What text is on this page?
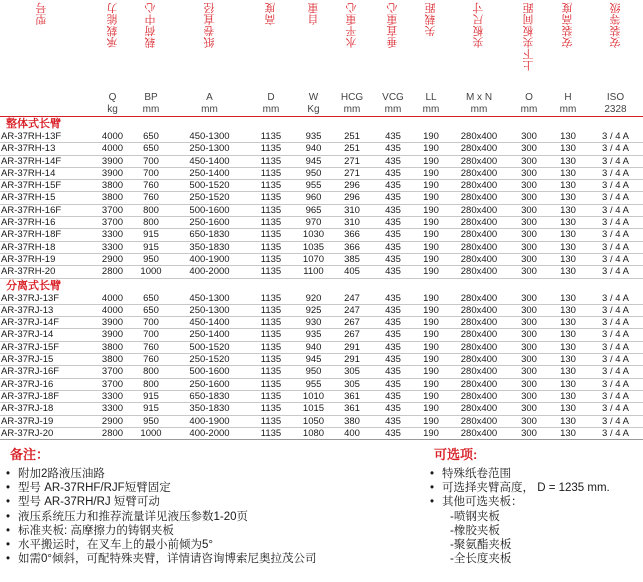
型号	承载能力	载荷中心	纸卷直径	高度	自重	水平重心	垂直重心	失载距	夹板尺寸	上下夹板间距	安装高度	安装等级

	Q	BP	A	D	W	HCG	VCG	LL	M x N	O	H	ISO
	kg	mm	mm	mm	Kg	mm	mm	mm	mm	mm	mm	2328
整体式长臂												
AR-37RH-13F	4000	650	450-1300	1135	935	251	435	190	280x400	300	130	3 / 4 A
AR-37RH-13	4000	650	250-1300	1135	940	251	435	190	280x400	300	130	3 / 4 A
AR-37RH-14F	3900	700	450-1400	1135	945	271	435	190	280x400	300	130	3 / 4 A
AR-37RH-14	3900	700	250-1400	1135	950	271	435	190	280x400	300	130	3 / 4 A
AR-37RH-15F	3800	760	500-1520	1135	955	296	435	190	280x400	300	130	3 / 4 A
AR-37RH-15	3800	760	250-1520	1135	960	296	435	190	280x400	300	130	3 / 4 A
AR-37RH-16F	3700	800	500-1600	1135	965	310	435	190	280x400	300	130	3 / 4 A
AR-37RH-16	3700	800	250-1600	1135	970	310	435	190	280x400	300	130	3 / 4 A
AR-37RH-18F	3300	915	650-1830	1135	1030	366	435	190	280x400	300	130	3 / 4 A
AR-37RH-18	3300	915	350-1830	1135	1035	366	435	190	280x400	300	130	3 / 4 A
AR-37RH-19	2900	950	400-1900	1135	1070	385	435	190	280x400	300	130	3 / 4 A
AR-37RH-20	2800	1000	400-2000	1135	1100	405	435	190	280x400	300	130	3 / 4 A
分离式长臂												
AR-37RJ-13F	4000	650	450-1300	1135	920	247	435	190	280x400	300	130	3 / 4 A
AR-37RJ-13	4000	650	250-1300	1135	925	247	435	190	280x400	300	130	3 / 4 A
AR-37RJ-14F	3900	700	450-1400	1135	930	267	435	190	280x400	300	130	3 / 4 A
AR-37RJ-14	3900	700	250-1400	1135	935	267	435	190	280x400	300	130	3 / 4 A
AR-37RJ-15F	3800	760	500-1520	1135	940	291	435	190	280x400	300	130	3 / 4 A
AR-37RJ-15	3800	760	250-1520	1135	945	291	435	190	280x400	300	130	3 / 4 A
AR-37RJ-16F	3700	800	500-1600	1135	950	305	435	190	280x400	300	130	3 / 4 A
AR-37RJ-16	3700	800	250-1600	1135	955	305	435	190	280x400	300	130	3 / 4 A
AR-37RJ-18F	3300	915	650-1830	1135	1010	361	435	190	280x400	300	130	3 / 4 A
AR-37RJ-18	3300	915	350-1830	1135	1015	361	435	190	280x400	300	130	3 / 4 A
AR-37RJ-19	2900	950	400-1900	1135	1050	380	435	190	280x400	300	130	3 / 4 A
AR-37RJ-20	2800	1000	400-2000	1135	1080	400	435	190	280x400	300	130	3 / 4 A
备注：
• 附加2路液压油路
• 型号 AR-37RHF/RJF短臂固定
• 型号 AR-37RH/RJ 短臂可动
• 液压系统压力和推荐流量详见液压参数1-20页
• 标准夹板: 高摩擦力的铸钢夹板
• 水平搬运时，在叉车上的最小前倾为5°
• 如需0°倾斜，可配特殊夹臂，详情请咨询博索尼奥拉茂公司
可选项:
• 特殊纸卷范围
• 可选择夹臂高度， D = 1235 mm.
• 其他可选夹板：
-喷钢夹板
-橡胶夹板
-聚氨酯夹板
-全长度夹板
